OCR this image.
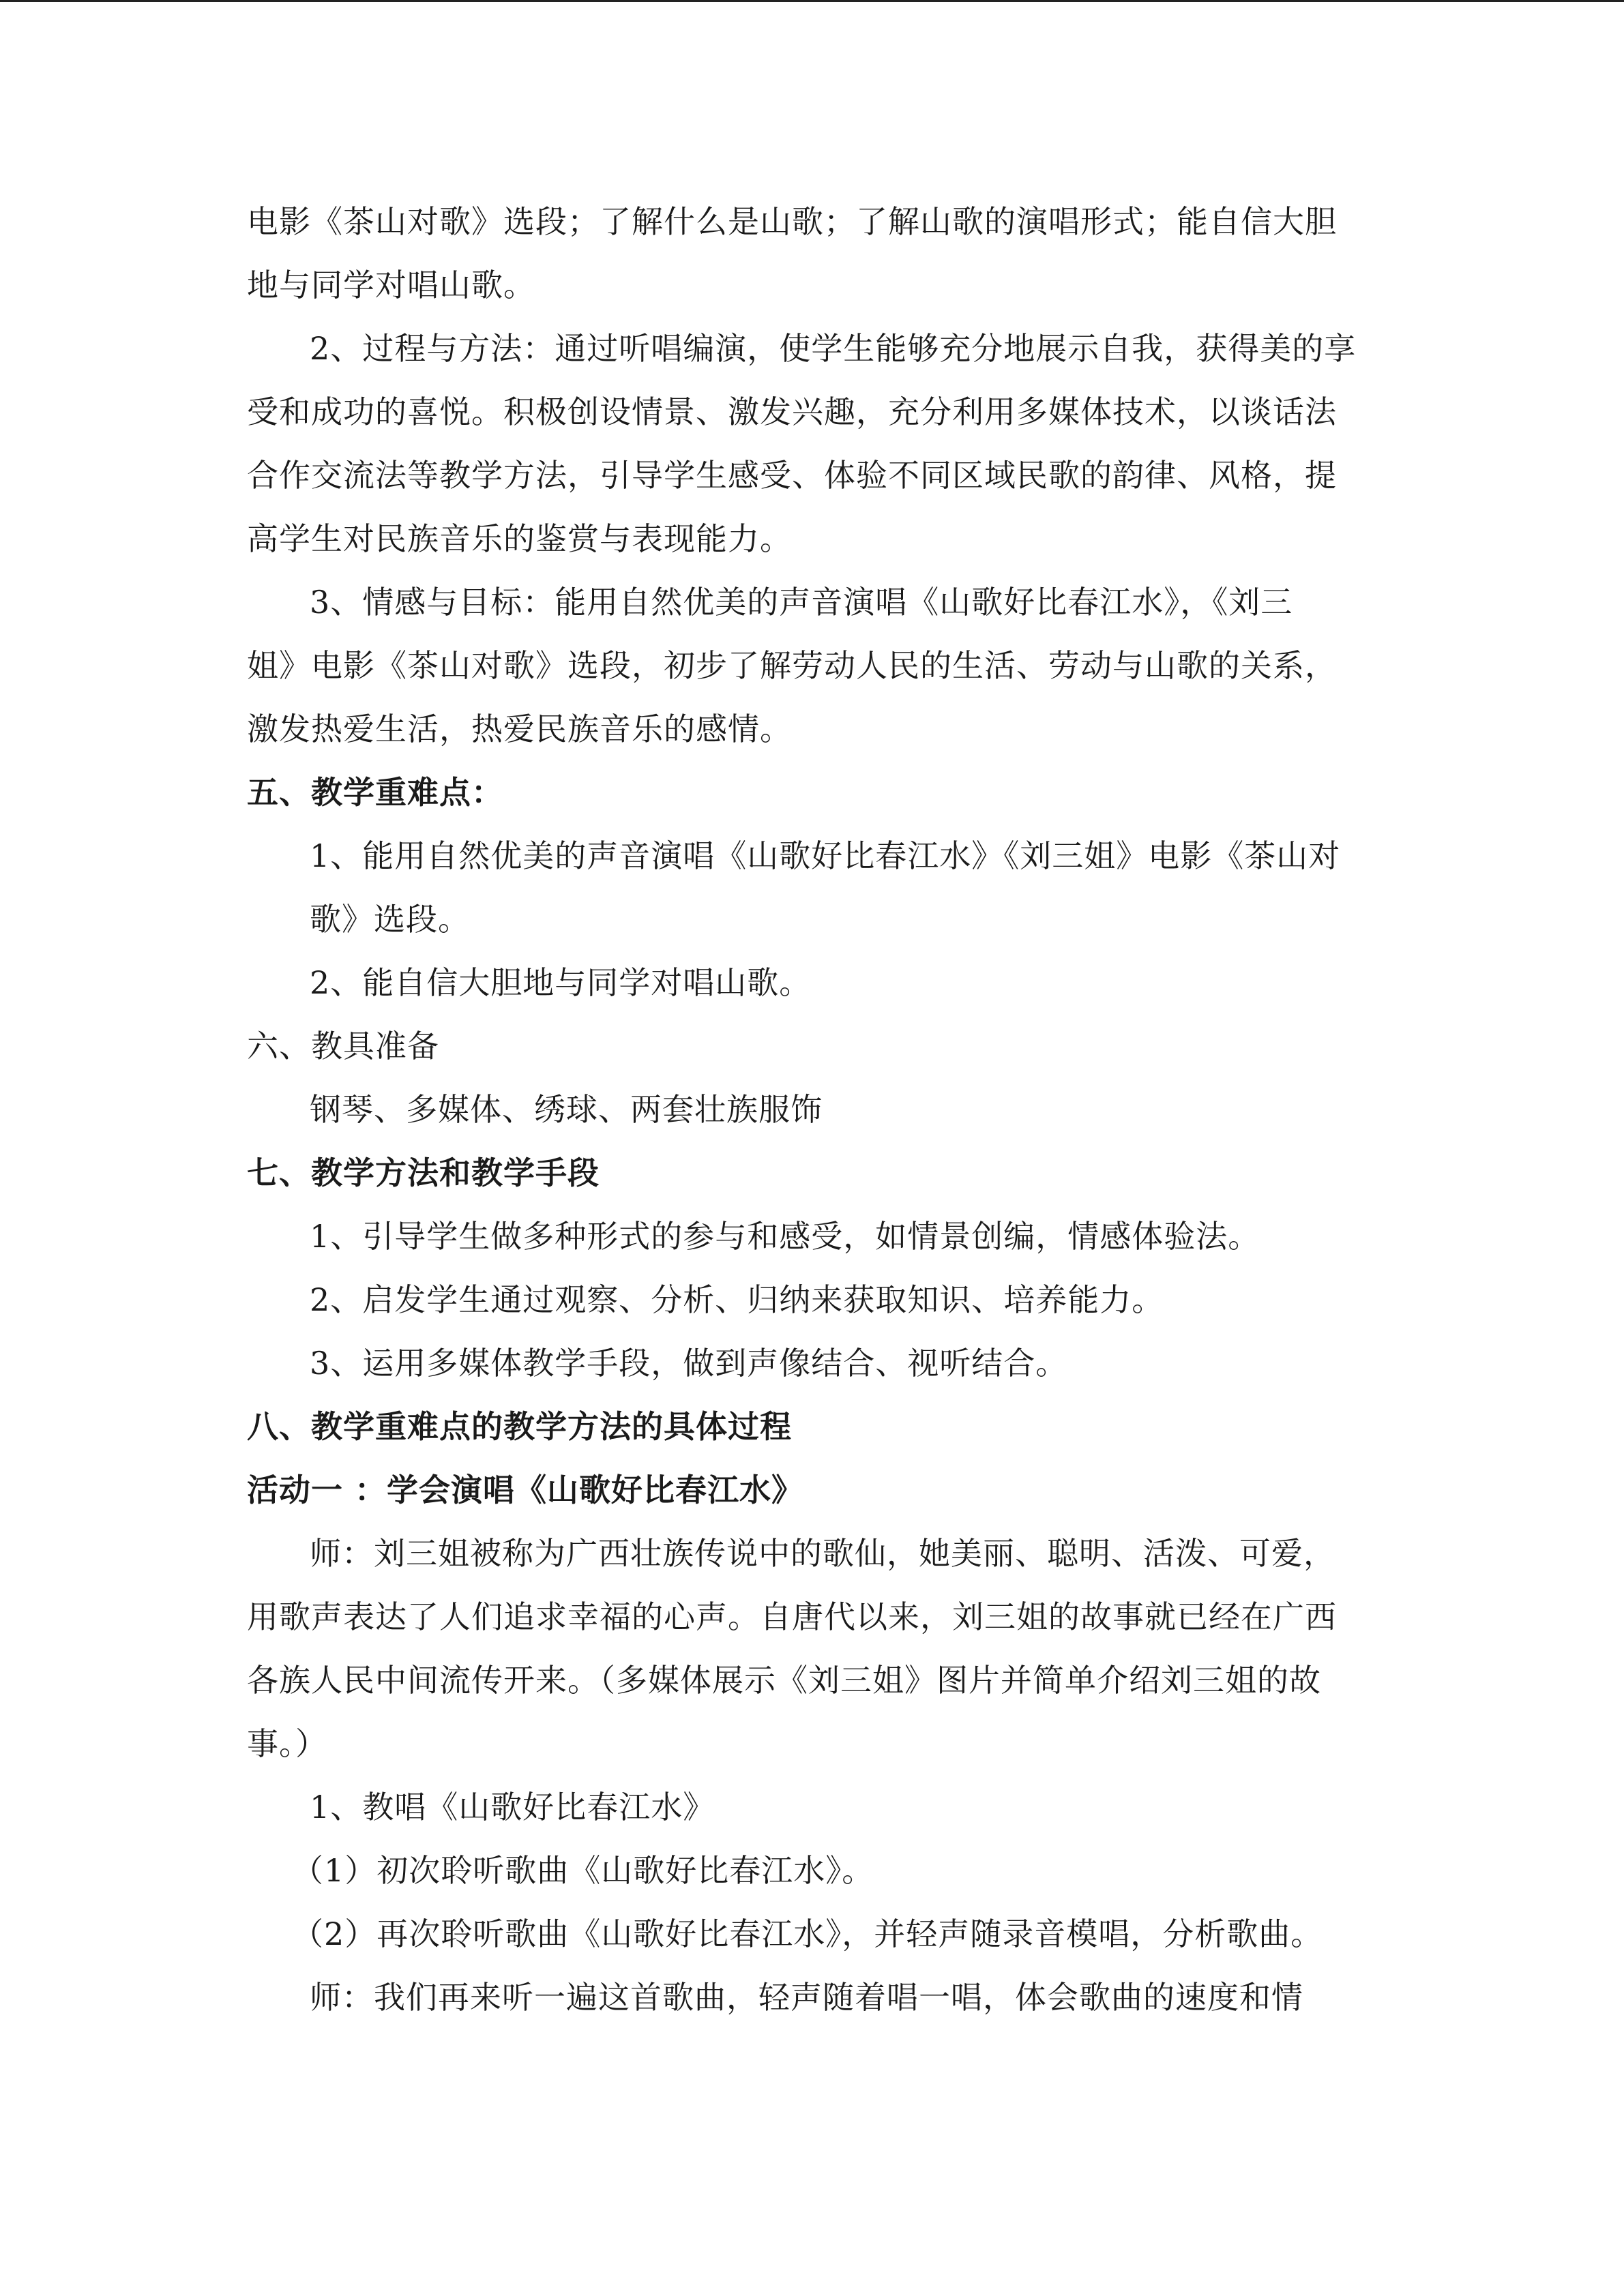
电影《茶山对歌》选段；了解什么是山歌；了解山歌的演唱形式；能自信大胆
地与同学对唱山歌。
2、过程与方法：通过听唱编演，使学生能够充分地展示自我，获得美的享
受和成功的喜悦。积极创设情景、激发兴趣，充分利用多媒体技术，以谈话法
合作交流法等教学方法，引导学生感受、体验不同区域民歌的韵律、风格，提
高学生对民族音乐的鉴赏与表现能力。
3、情感与目标：能用自然优美的声音演唱《山歌好比春江水》，《刘三
姐》电影《茶山对歌》选段，初步了解劳动人民的生活、劳动与山歌的关系，
激发热爱生活，热爱民族音乐的感情。
五、教学重难点：
1、能用自然优美的声音演唱《山歌好比春江水》《刘三姐》电影《茶山对
歌》选段。
2、能自信大胆地与同学对唱山歌。
六、教具准备
钢琴、多媒体、绣球、两套壮族服饰
七、教学方法和教学手段
1、引导学生做多种形式的参与和感受，如情景创编，情感体验法。
2、启发学生通过观察、分析、归纳来获取知识、培养能力。
3、运用多媒体教学手段，做到声像结合、视听结合。
八、教学重难点的教学方法的具体过程
活动一 ：学会演唱《山歌好比春江水》
师：刘三姐被称为广西壮族传说中的歌仙，她美丽、聪明、活泼、可爱，
用歌声表达了人们追求幸福的心声。自唐代以来，刘三姐的故事就已经在广西
各族人民中间流传开来。（多媒体展示《刘三姐》图片并简单介绍刘三姐的故
事。）
1、教唱《山歌好比春江水》
（1）初次聆听歌曲《山歌好比春江水》。
（2）再次聆听歌曲《山歌好比春江水》，并轻声随录音模唱，分析歌曲。
师：我们再来听一遍这首歌曲，轻声随着唱一唱，体会歌曲的速度和情
